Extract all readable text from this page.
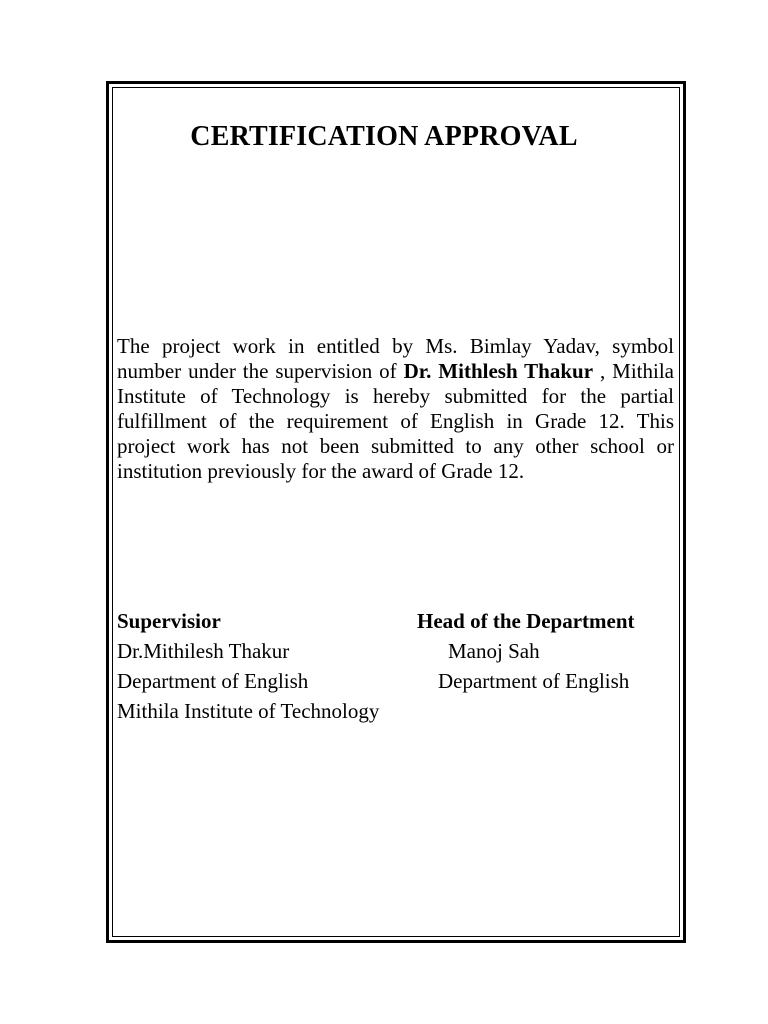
CERTIFICATION APPROVAL

The project work in entitled by Ms. Bimlay Yadav, symbol number under the supervision of Dr. Mithlesh Thakur , Mithila Institute of Technology is hereby submitted for the partial fulfillment of the requirement of English in Grade 12. This project work has not been submitted to any other school or institution previously for the award of Grade 12.

Supervisior
Dr.Mithilesh Thakur
Department of English
Mithila Institute of Technology
Head of the Department
Manoj Sah
Department of English
